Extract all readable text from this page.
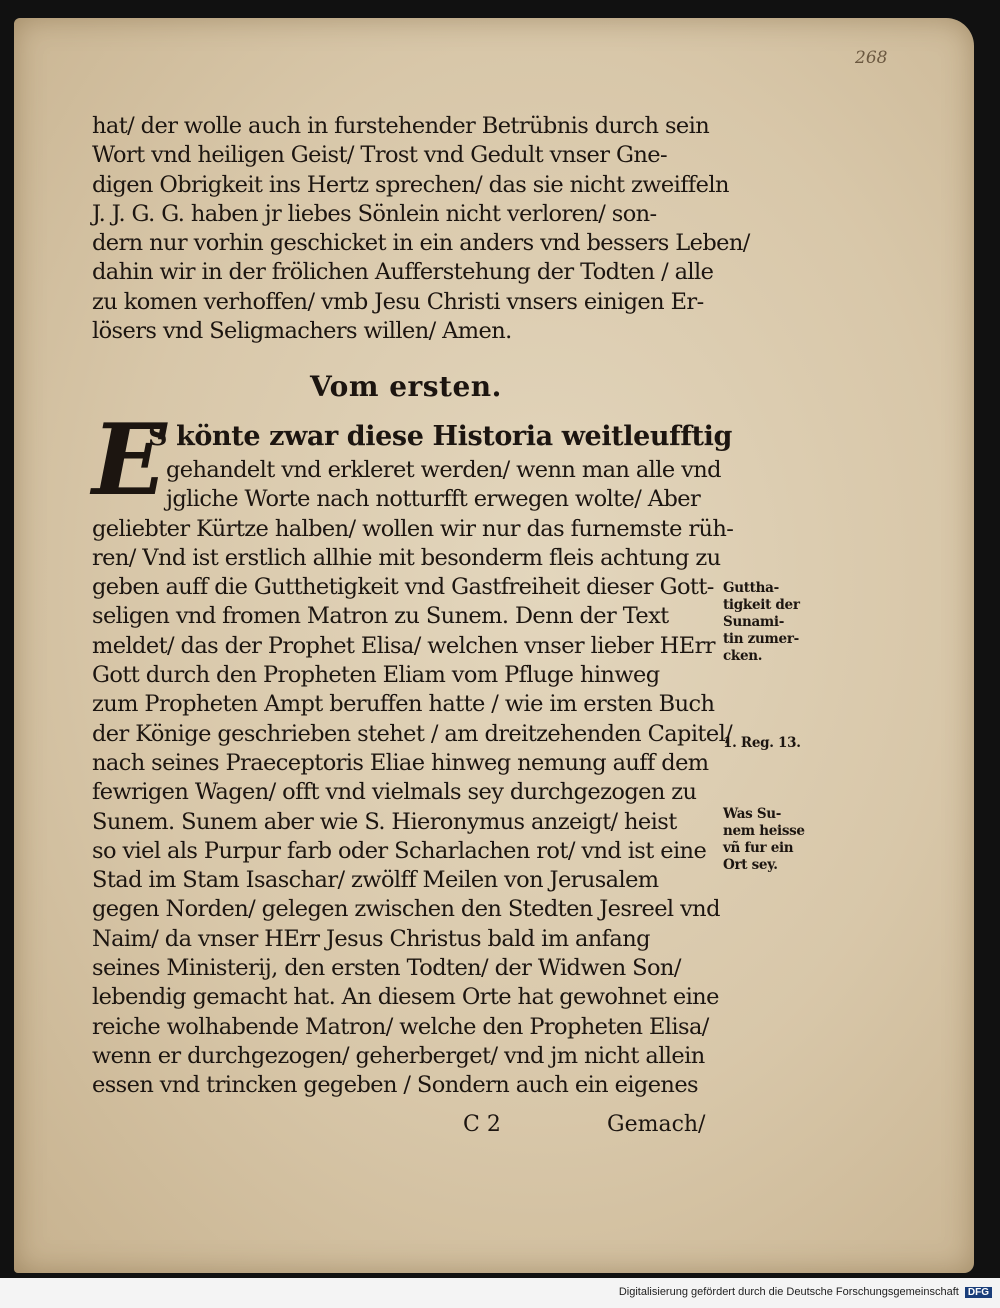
268
hat/ der wolle auch in furstehender Betrübnis durch sein
Wort vnd heiligen Geist/ Trost vnd Gedult vnser Gne-
digen Obrigkeit ins Hertz sprechen/ das sie nicht zweiffeln
J. J. G. G. haben jr liebes Sönlein nicht verloren/ son-
dern nur vorhin geschicket in ein anders vnd bessers Leben/
dahin wir in der frölichen Aufferstehung der Todten / alle
zu komen verhoffen/ vmb Jesu Christi vnsers einigen Er-
lösers vnd Seligmachers willen/ Amen.
Vom ersten.
E
S könte zwar diese Historia weitleufftig
gehandelt vnd erkleret werden/ wenn man alle vnd
jgliche Worte nach notturfft erwegen wolte/ Aber
geliebter Kürtze halben/ wollen wir nur das furnemste rüh-
ren/ Vnd ist erstlich allhie mit besonderm fleis achtung zu
geben auff die Gutthetigkeit vnd Gastfreiheit dieser Gott-
seligen vnd fromen Matron zu Sunem. Denn der Text
meldet/ das der Prophet Elisa/ welchen vnser lieber HErr
Gott durch den Propheten Eliam vom Pfluge hinweg
zum Propheten Ampt beruffen hatte / wie im ersten Buch
der Könige geschrieben stehet / am dreitzehenden Capitel/
nach seines Praeceptoris Eliae hinweg nemung auff dem
fewrigen Wagen/ offt vnd vielmals sey durchgezogen zu
Sunem. Sunem aber wie S. Hieronymus anzeigt/ heist
so viel als Purpur farb oder Scharlachen rot/ vnd ist eine
Stad im Stam Isaschar/ zwölff Meilen von Jerusalem
gegen Norden/ gelegen zwischen den Stedten Jesreel vnd
Naim/ da vnser HErr Jesus Christus bald im anfang
seines Ministerij, den ersten Todten/ der Widwen Son/
lebendig gemacht hat. An diesem Orte hat gewohnet eine
reiche wolhabende Matron/ welche den Propheten Elisa/
wenn er durchgezogen/ geherberget/ vnd jm nicht allein
essen vnd trincken gegeben / Sondern auch ein eigenes
Guttha-
tigkeit der
Sunami-
tin zumer-
cken.
1. Reg. 13.
Was Su-
nem heisse
vñ fur ein
Ort sey.
C 2	Gemach/
Digitalisierung gefördert durch die Deutsche Forschungsgemeinschaft DFG
